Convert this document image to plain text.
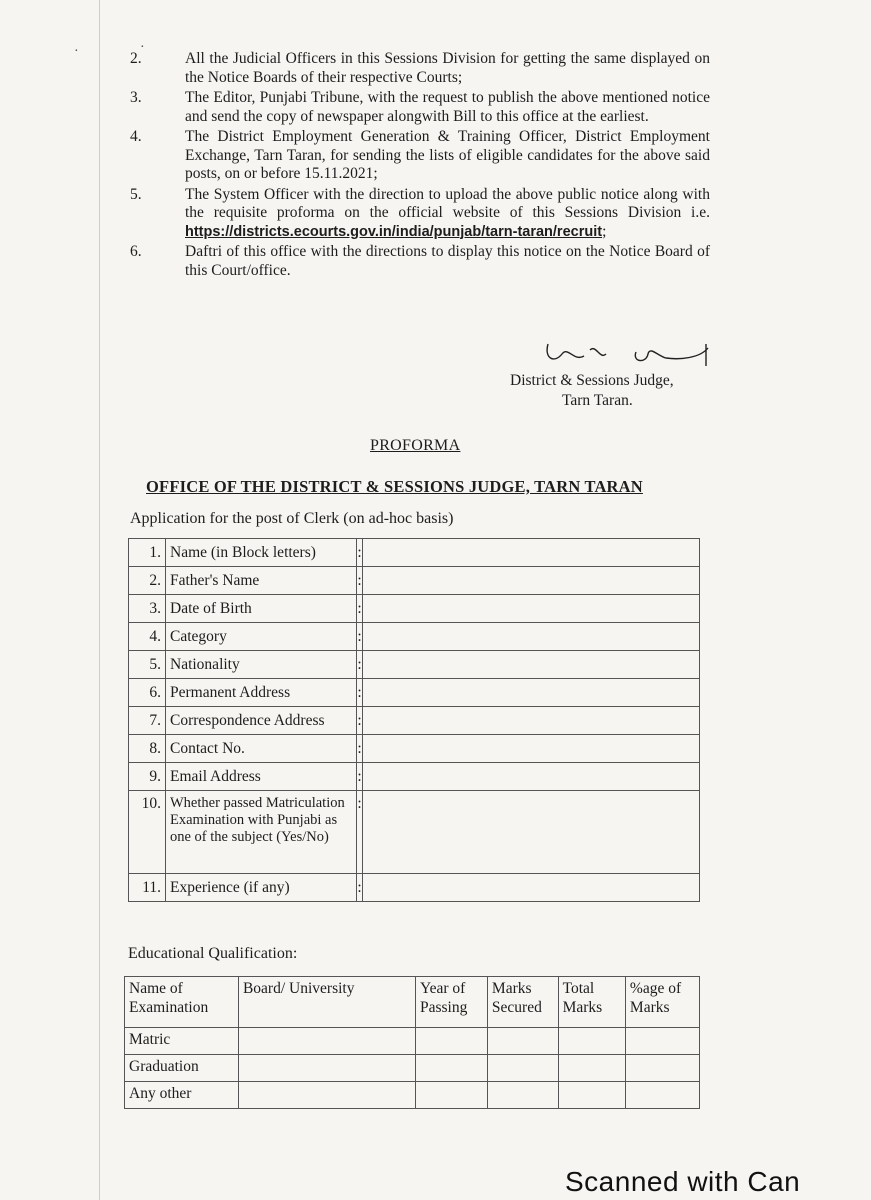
·	·
2.	All the Judicial Officers in this Sessions Division for getting the same displayed on the Notice Boards of their respective Courts;
3.	The Editor, Punjabi Tribune, with the request to publish the above mentioned notice and send the copy of newspaper alongwith Bill to this office at the earliest.
4.	The District Employment Generation & Training Officer, District Employment Exchange, Tarn Taran, for sending the lists of eligible candidates for the above said posts, on or before 15.11.2021;
5.	The System Officer with the direction to upload the above public notice along with the requisite proforma on the official website of this Sessions Division i.e. https://districts.ecourts.gov.in/india/punjab/tarn-taran/recruit;
6.	Daftri of this office with the directions to display this notice on the Notice Board of this Court/office.
District & Sessions Judge,
Tarn Taran.
PROFORMA
OFFICE OF THE DISTRICT & SESSIONS JUDGE, TARN TARAN
Application for the post of Clerk (on ad-hoc basis)
1.	Name (in Block letters)	:	
2.	Father's Name	:	
3.	Date of Birth	:	
4.	Category	:	
5.	Nationality	:	
6.	Permanent Address	:	
7.	Correspondence Address	:	
8.	Contact No.	:	
9.	Email Address	:	
10.	Whether passed Matriculation Examination with Punjabi as one of the subject (Yes/No)	:	
11.	Experience (if any)	:	
Educational Qualification:
Name of Examination	Board/ University	Year of Passing	Marks Secured	Total Marks	%age of Marks
Matric					
Graduation					
Any other					
Scanned with Can
